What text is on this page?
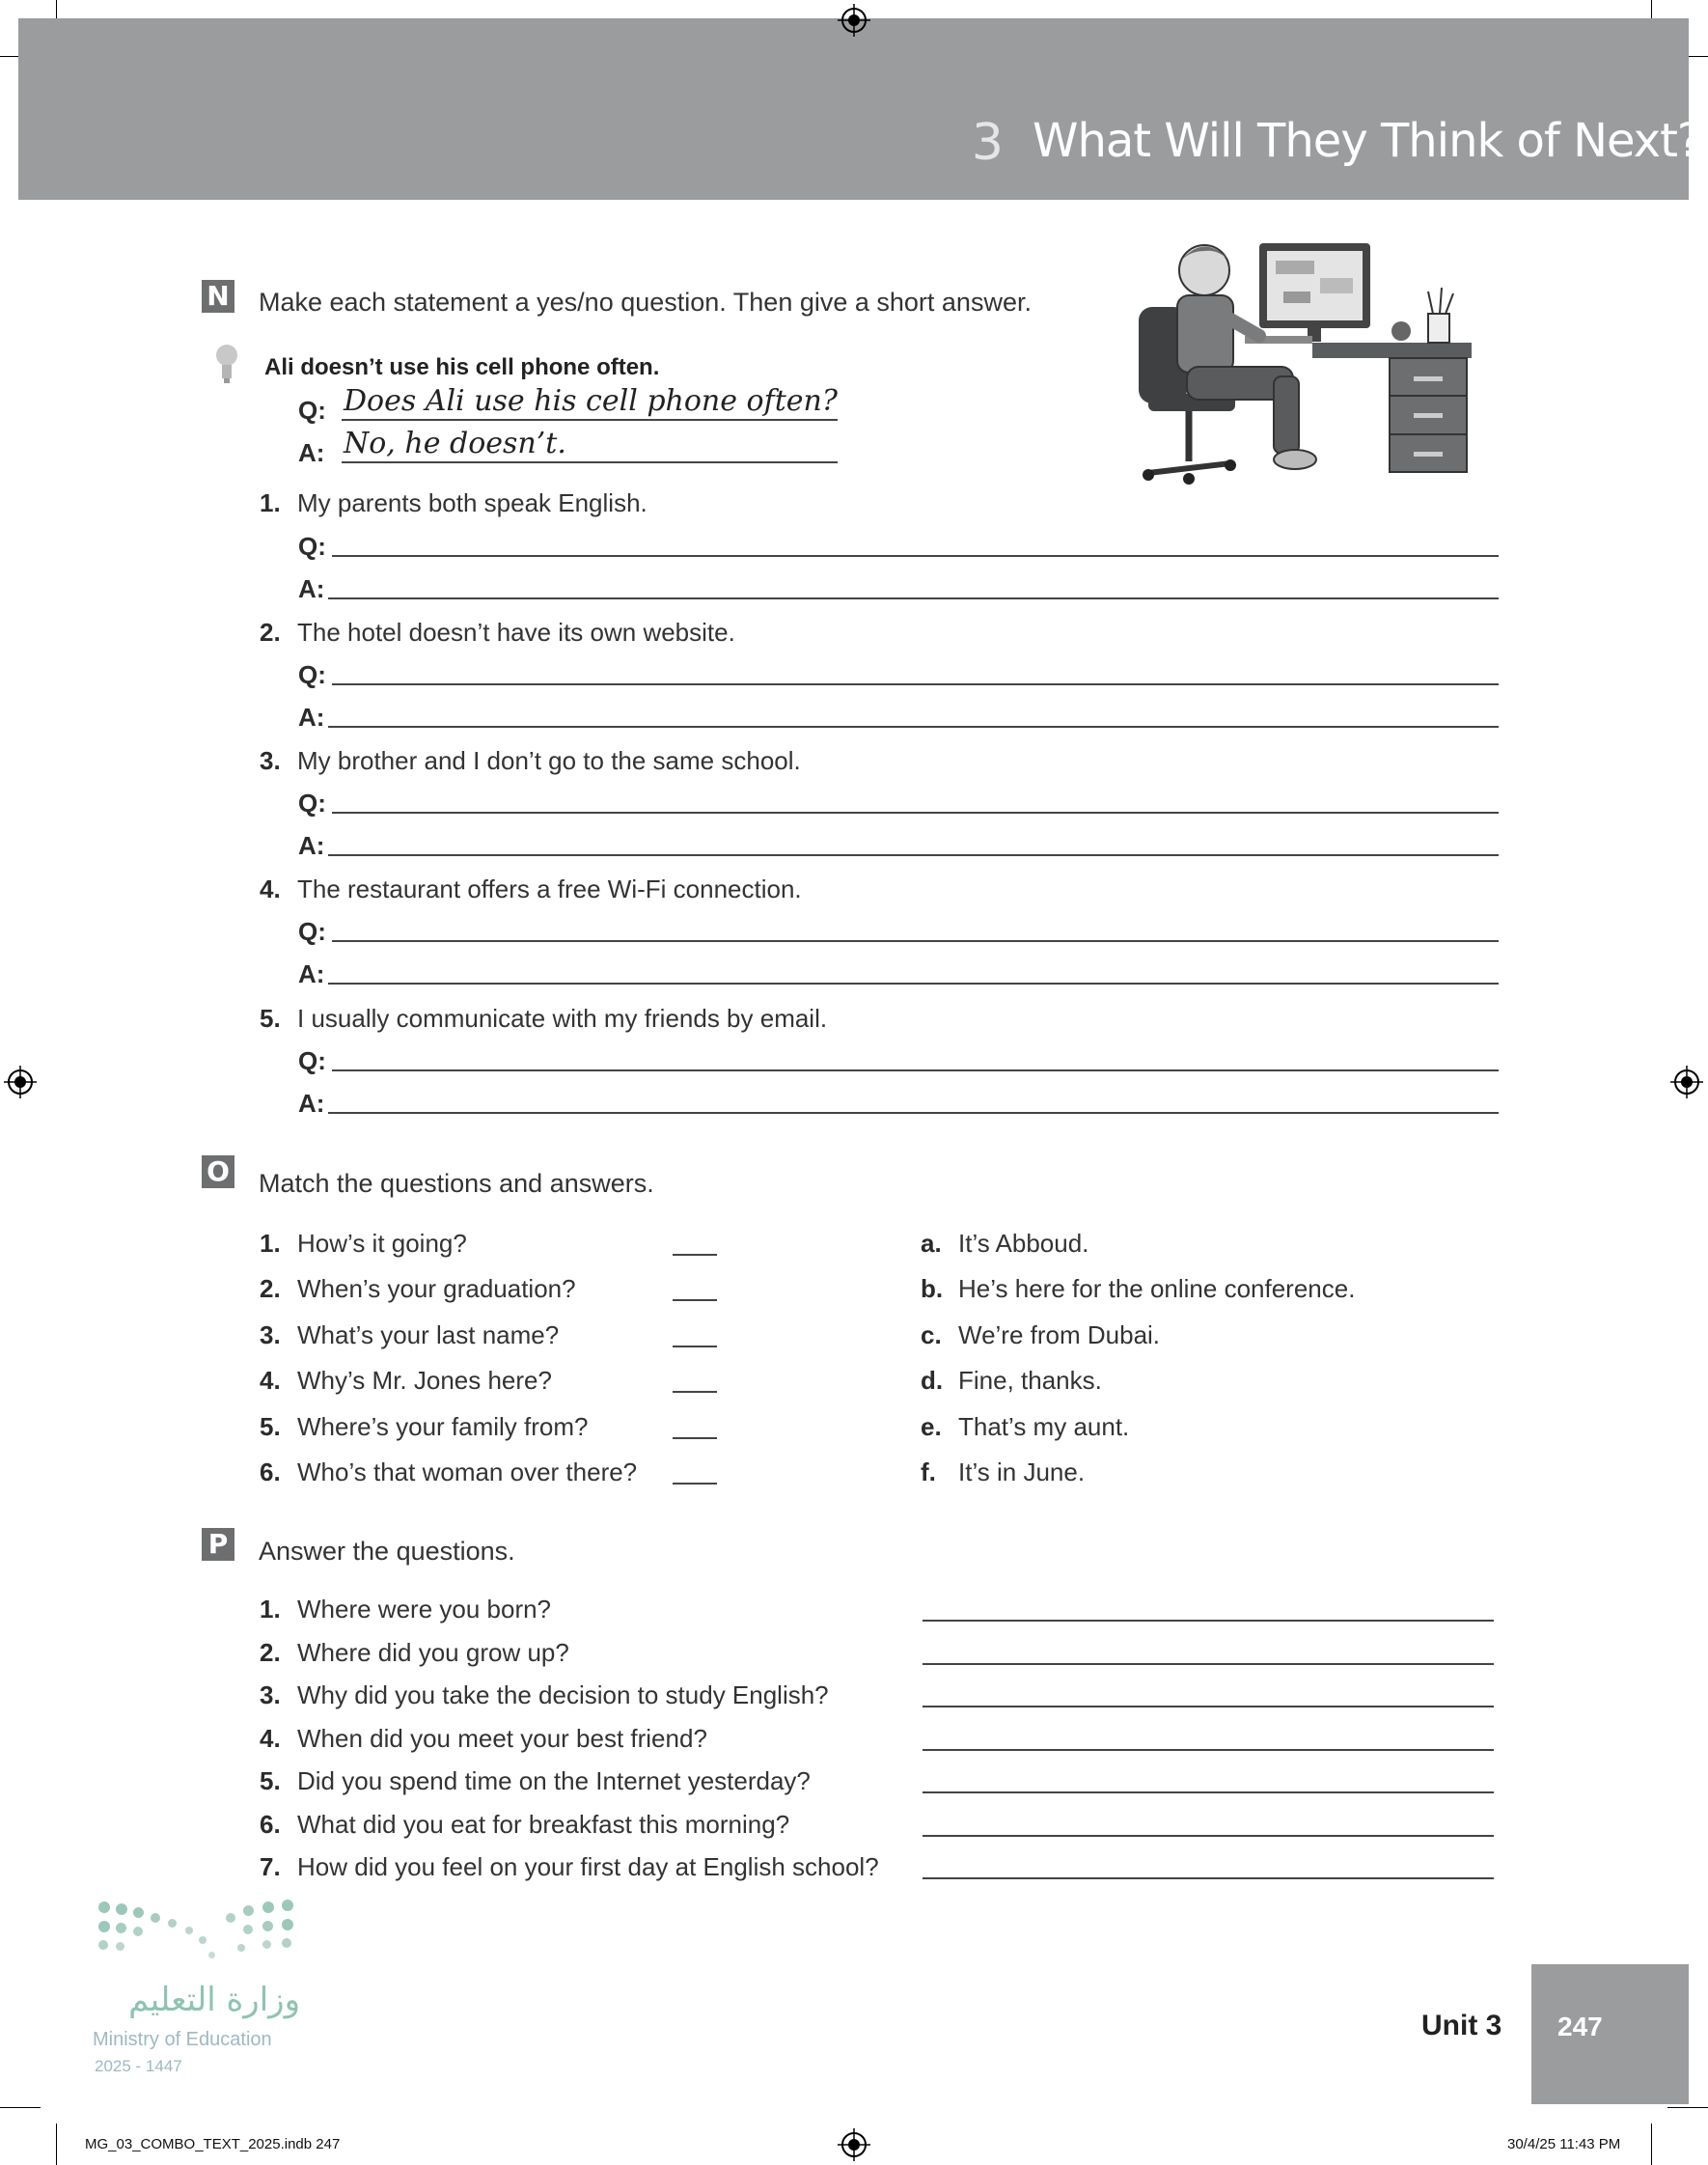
3 What Will They Think of Next?
N Make each statement a yes/no question. Then give a short answer.
Ali doesn’t use his cell phone often.
Q: Does Ali use his cell phone often?
A: No, he doesn’t.
1. My parents both speak English.
Q:
A:
2. The hotel doesn’t have its own website.
Q:
A:
3. My brother and I don’t go to the same school.
Q:
A:
4. The restaurant offers a free Wi-Fi connection.
Q:
A:
5. I usually communicate with my friends by email.
Q:
A:
O Match the questions and answers.
1. How’s it going?	a. It’s Abboud.
2. When’s your graduation?	b. He’s here for the online conference.
3. What’s your last name?	c. We’re from Dubai.
4. Why’s Mr. Jones here?	d. Fine, thanks.
5. Where’s your family from?	e. That’s my aunt.
6. Who’s that woman over there?	f. It’s in June.
P Answer the questions.
1. Where were you born?
2. Where did you grow up?
3. Why did you take the decision to study English?
4. When did you meet your best friend?
5. Did you spend time on the Internet yesterday?
6. What did you eat for breakfast this morning?
7. How did you feel on your first day at English school?
وزارة التعليم
Ministry of Education
2025 - 1447
Unit 3 247
MG_03_COMBO_TEXT_2025.indb 247	30/4/25 11:43 PM
